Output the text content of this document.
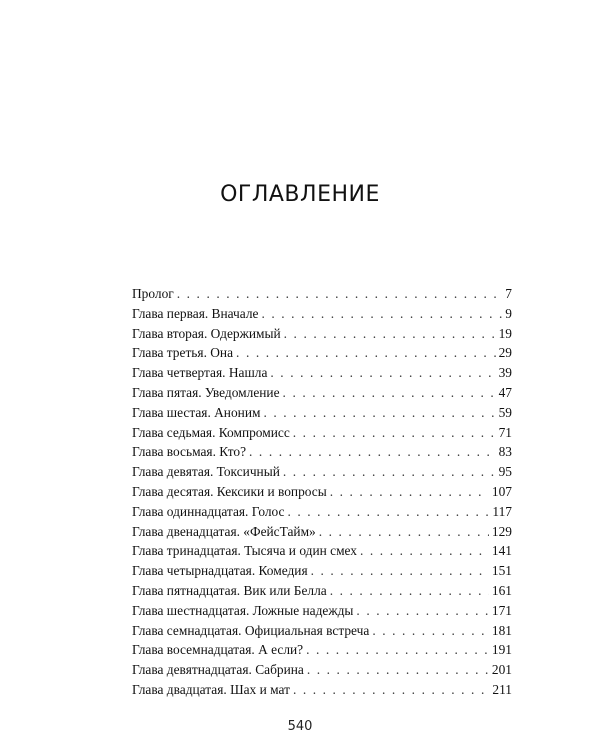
ОГЛАВЛЕНИЕ
Пролог . . .	7
Глава первая. Вначале . . .	9
Глава вторая. Одержимый . . .	19
Глава третья. Она . . .	29
Глава четвертая. Нашла . . .	39
Глава пятая. Уведомление . . .	47
Глава шестая. Аноним . . .	59
Глава седьмая. Компромисс . . .	71
Глава восьмая. Кто? . . .	83
Глава девятая. Токсичный . . .	95
Глава десятая. Кексики и вопросы . . .	107
Глава одиннадцатая. Голос . . .	117
Глава двенадцатая. «ФейсТайм» . . .	129
Глава тринадцатая. Тысяча и один смех . . .	141
Глава четырнадцатая. Комедия . . .	151
Глава пятнадцатая. Вик или Белла . . .	161
Глава шестнадцатая. Ложные надежды . . .	171
Глава семнадцатая. Официальная встреча . . .	181
Глава восемнадцатая. А если? . . .	191
Глава девятнадцатая. Сабрина . . .	201
Глава двадцатая. Шах и мат . . .	211
540
